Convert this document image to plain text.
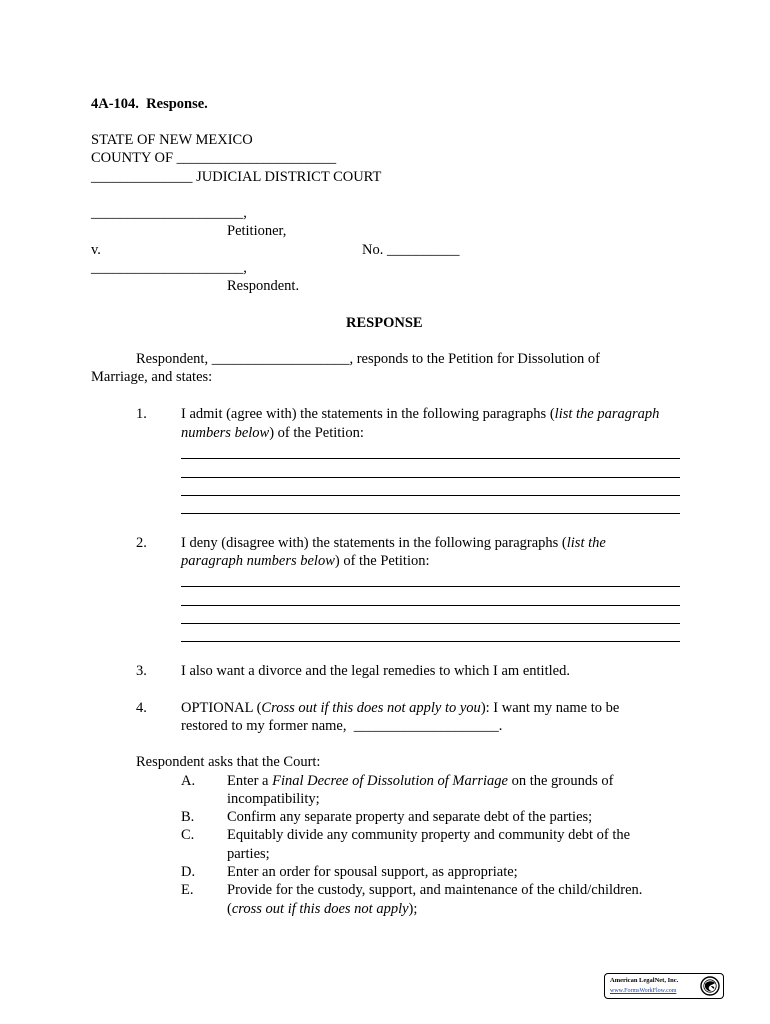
4A-104.  Response.
STATE OF NEW MEXICO
COUNTY OF ______________________
______________ JUDICIAL DISTRICT COURT
_____________________,
Petitioner,
v.	No. __________
_____________________,
Respondent.
RESPONSE
Respondent, ___________________, responds to the Petition for Dissolution of
Marriage, and states:
1. I admit (agree with) the statements in the following paragraphs (list the paragraph
numbers below) of the Petition:
2. I deny (disagree with) the statements in the following paragraphs (list the
paragraph numbers below) of the Petition:
3. I also want a divorce and the legal remedies to which I am entitled.
4. OPTIONAL (Cross out if this does not apply to you): I want my name to be
restored to my former name,  ____________________.
Respondent asks that the Court:
A. Enter a Final Decree of Dissolution of Marriage on the grounds of
incompatibility;
B. Confirm any separate property and separate debt of the parties;
C. Equitably divide any community property and community debt of the
parties;
D. Enter an order for spousal support, as appropriate;
E. Provide for the custody, support, and maintenance of the child/children.
(cross out if this does not apply);
American LegalNet, Inc.
www.FormsWorkFlow.com
